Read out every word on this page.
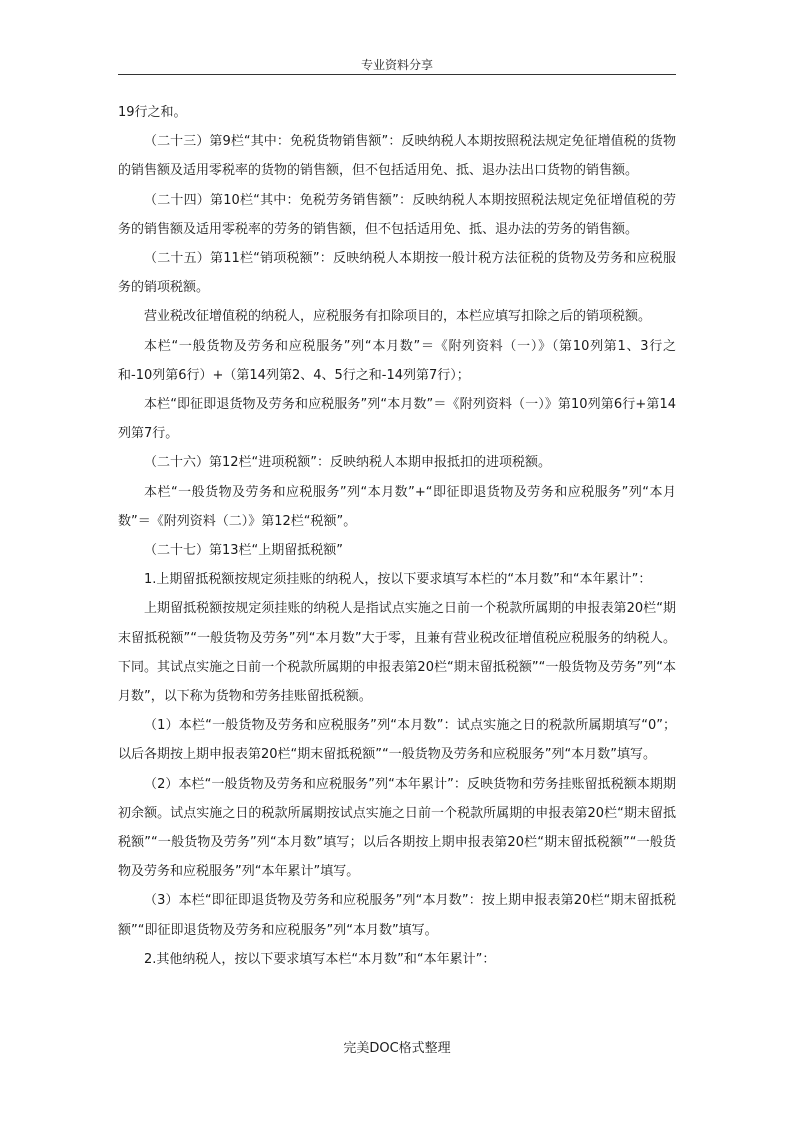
专业资料分享

19行之和。

（二十三）第9栏“其中：免税货物销售额”：反映纳税人本期按照税法规定免征增值税的货物的销售额及适用零税率的货物的销售额，但不包括适用免、抵、退办法出口货物的销售额。

（二十四）第10栏“其中：免税劳务销售额”：反映纳税人本期按照税法规定免征增值税的劳务的销售额及适用零税率的劳务的销售额，但不包括适用免、抵、退办法的劳务的销售额。

（二十五）第11栏“销项税额”：反映纳税人本期按一般计税方法征税的货物及劳务和应税服务的销项税额。

营业税改征增值税的纳税人，应税服务有扣除项目的，本栏应填写扣除之后的销项税额。

本栏“一般货物及劳务和应税服务”列“本月数”＝《附列资料（一）》（第10列第1、3行之和-10列第6行）+（第14列第2、4、5行之和-14列第7行）；

本栏“即征即退货物及劳务和应税服务”列“本月数”＝《附列资料（一）》第10列第6行+第14列第7行。

（二十六）第12栏“进项税额”：反映纳税人本期申报抵扣的进项税额。

本栏“一般货物及劳务和应税服务”列“本月数”+“即征即退货物及劳务和应税服务”列“本月数”＝《附列资料（二）》第12栏“税额”。

（二十七）第13栏“上期留抵税额”

1.上期留抵税额按规定须挂账的纳税人，按以下要求填写本栏的“本月数”和“本年累计”：

上期留抵税额按规定须挂账的纳税人是指试点实施之日前一个税款所属期的申报表第20栏“期末留抵税额”“一般货物及劳务”列“本月数”大于零，且兼有营业税改征增值税应税服务的纳税人。下同。其试点实施之日前一个税款所属期的申报表第20栏“期末留抵税额”“一般货物及劳务”列“本月数”，以下称为货物和劳务挂账留抵税额。

（1）本栏“一般货物及劳务和应税服务”列“本月数”：试点实施之日的税款所属期填写“0”；以后各期按上期申报表第20栏“期末留抵税额”“一般货物及劳务和应税服务”列“本月数”填写。

（2）本栏“一般货物及劳务和应税服务”列“本年累计”：反映货物和劳务挂账留抵税额本期期初余额。试点实施之日的税款所属期按试点实施之日前一个税款所属期的申报表第20栏“期末留抵税额”“一般货物及劳务”列“本月数”填写；以后各期按上期申报表第20栏“期末留抵税额”“一般货物及劳务和应税服务”列“本年累计”填写。

（3）本栏“即征即退货物及劳务和应税服务”列“本月数”：按上期申报表第20栏“期末留抵税额”“即征即退货物及劳务和应税服务”列“本月数”填写。

2.其他纳税人，按以下要求填写本栏“本月数”和“本年累计”：

完美DOC格式整理
